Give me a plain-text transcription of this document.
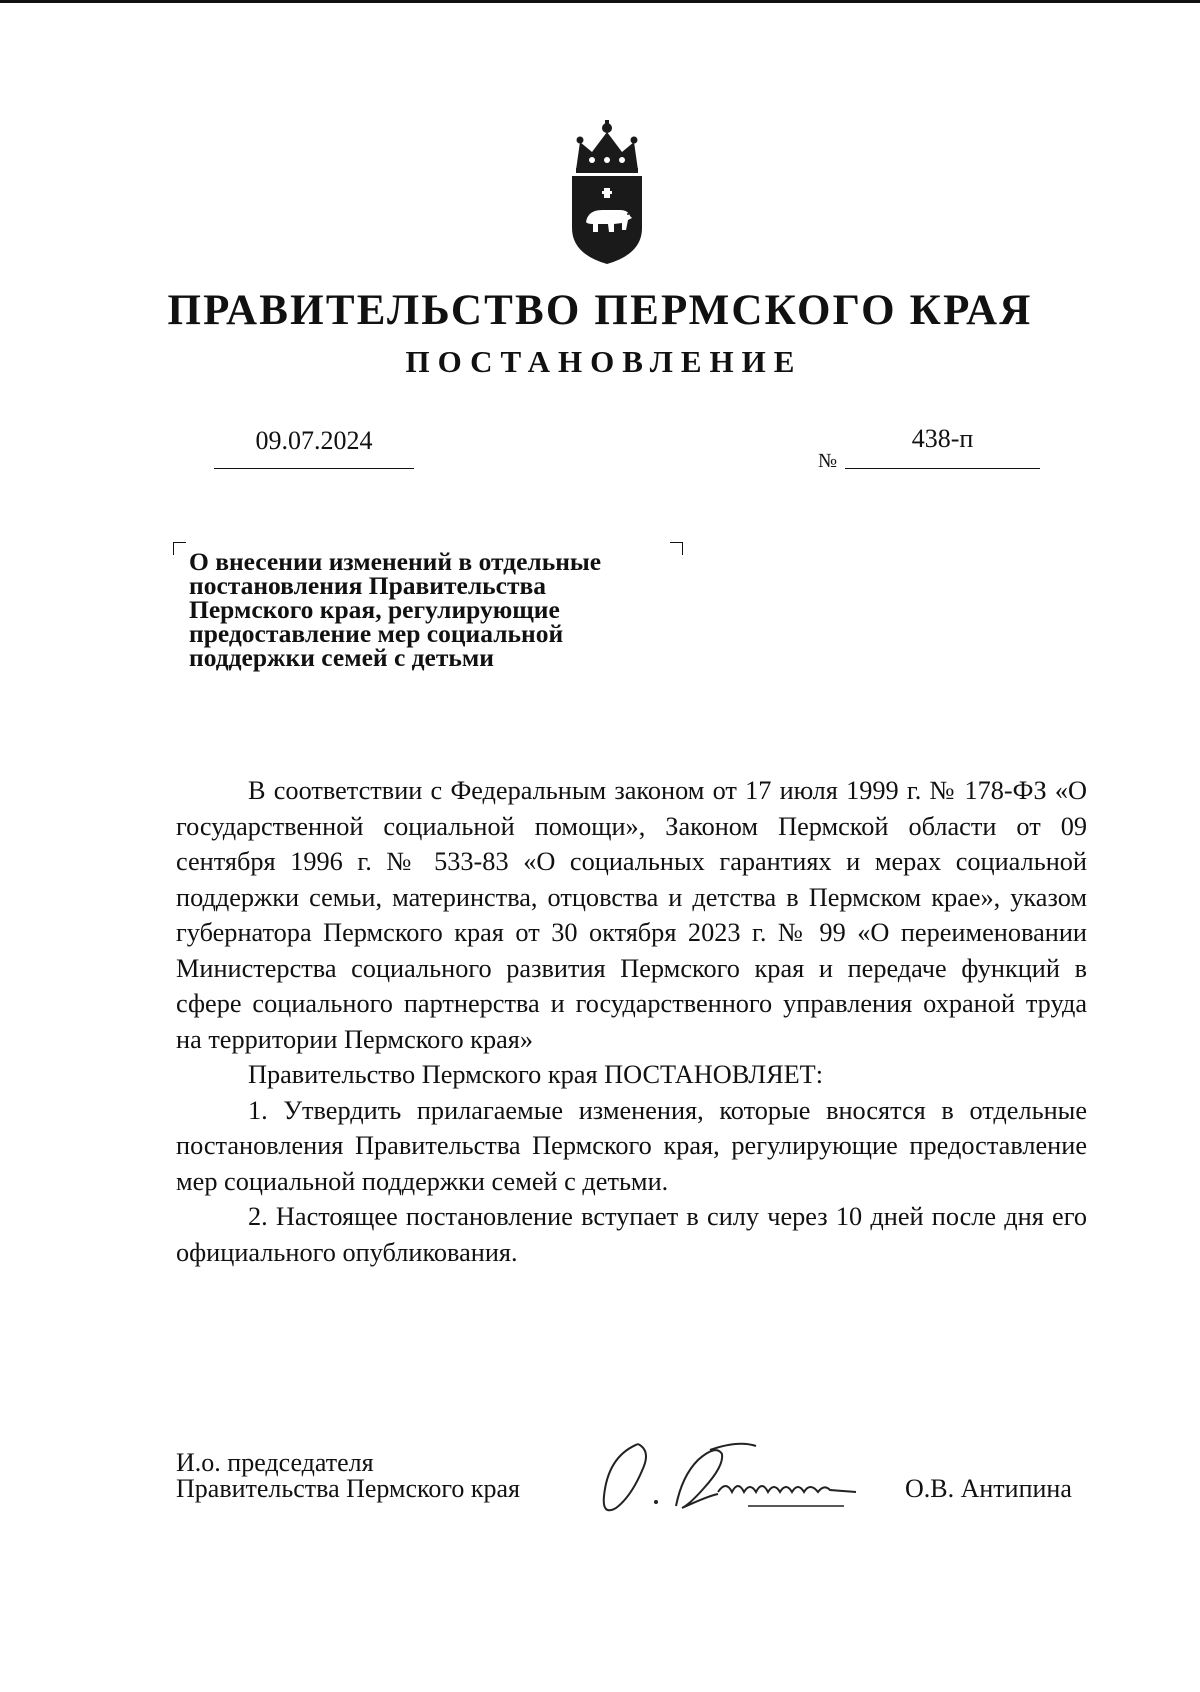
ПРАВИТЕЛЬСТВО ПЕРМСКОГО КРАЯ
ПОСТАНОВЛЕНИЕ
09.07.2024
№
438-п
О внесении изменений в отдельные
постановления Правительства
Пермского края, регулирующие
предоставление мер социальной
поддержки семей с детьми

В соответствии с Федеральным законом от 17 июля 1999 г. № 178-ФЗ «О государственной социальной помощи», Законом Пермской области от 09 сентября 1996 г. № 533-83 «О социальных гарантиях и мерах социальной поддержки семьи, материнства, отцовства и детства в Пермском крае», указом губернатора Пермского края от 30 октября 2023 г. № 99 «О переименовании Министерства социального развития Пермского края и передаче функций в сфере социального партнерства и государственного управления охраной труда на территории Пермского края»

Правительство Пермского края ПОСТАНОВЛЯЕТ:

1. Утвердить прилагаемые изменения, которые вносятся в отдельные постановления Правительства Пермского края, регулирующие предоставление мер социальной поддержки семей с детьми.

2. Настоящее постановление вступает в силу через 10 дней после дня его официального опубликования.

И.о. председателя
Правительства Пермского края	О.В. Антипина
